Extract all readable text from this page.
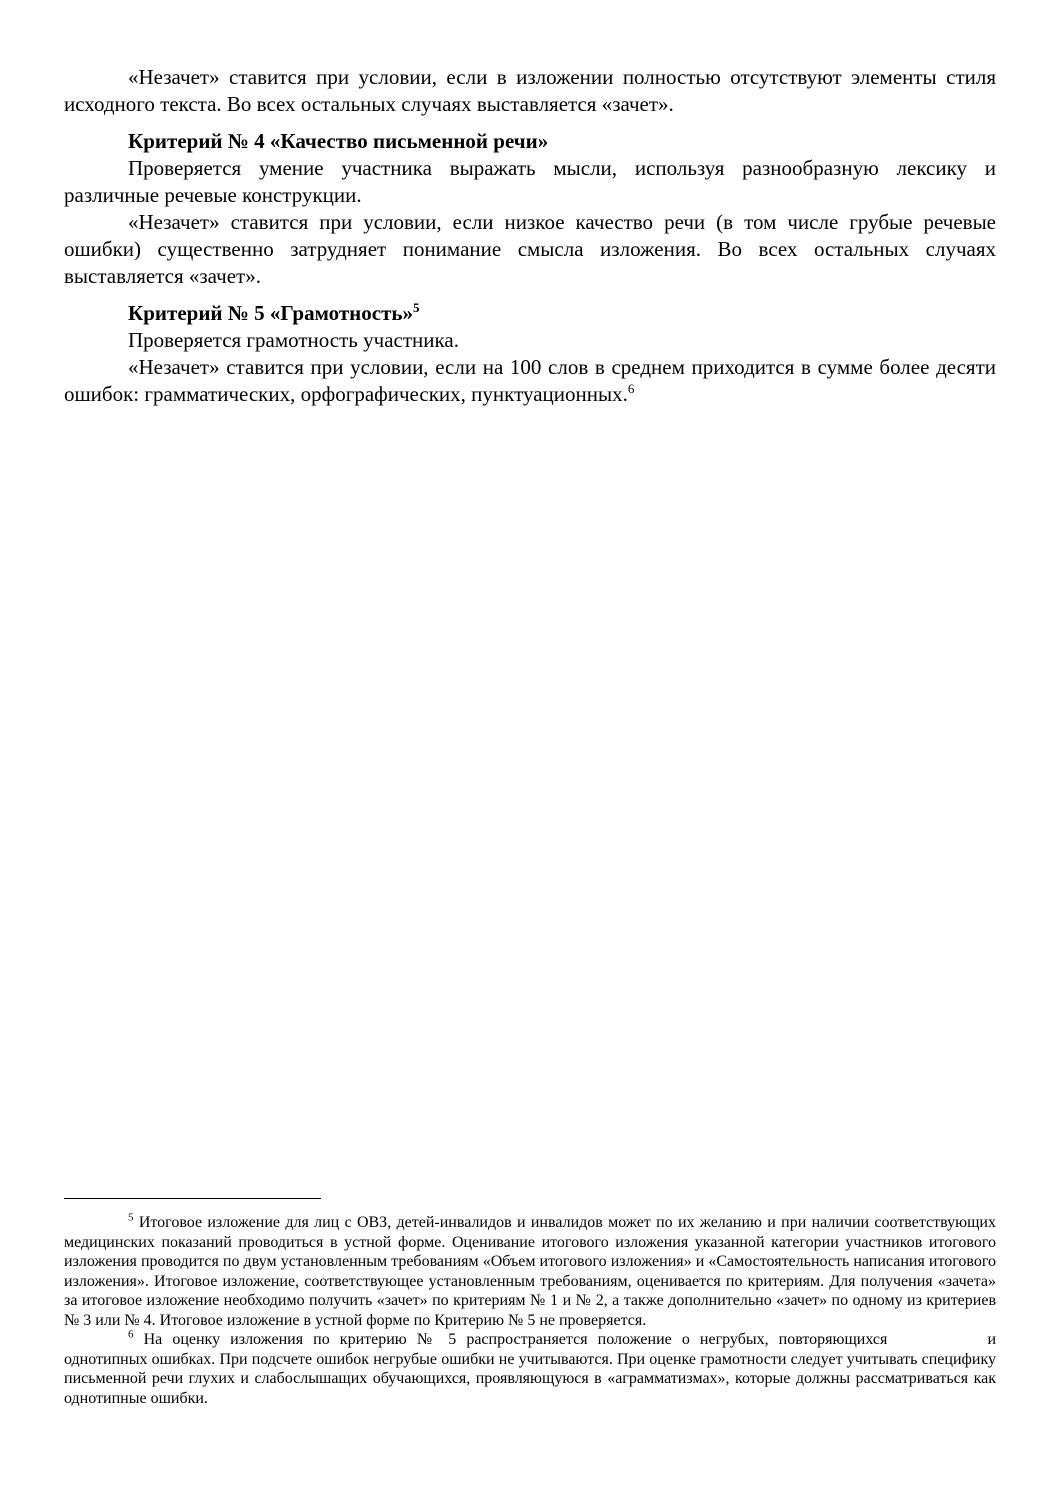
«Незачет» ставится при условии, если в изложении полностью отсутствуют элементы стиля исходного текста. Во всех остальных случаях выставляется «зачет».

Критерий № 4 «Качество письменной речи»

Проверяется умение участника выражать мысли, используя разнообразную лексику и различные речевые конструкции.

«Незачет» ставится при условии, если низкое качество речи (в том числе грубые речевые ошибки) существенно затрудняет понимание смысла изложения. Во всех остальных случаях выставляется «зачет».

Критерий № 5 «Грамотность»$^5$

Проверяется грамотность участника.

«Незачет» ставится при условии, если на 100 слов в среднем приходится в сумме более десяти ошибок: грамматических, орфографических, пунктуационных.$^6$

$^5$ Итоговое изложение для лиц с ОВЗ, детей-инвалидов и инвалидов может по их желанию и при наличии соответствующих медицинских показаний проводиться в устной форме. Оценивание итогового изложения указанной категории участников итогового изложения проводится по двум установленным требованиям «Объем итогового изложения» и «Самостоятельность написания итогового изложения». Итоговое изложение, соответствующее установленным требованиям, оценивается по критериям. Для получения «зачета» за итоговое изложение необходимо получить «зачет» по критериям № 1 и № 2, а также дополнительно «зачет» по одному из критериев № 3 или № 4. Итоговое изложение в устной форме по Критерию № 5 не проверяется.

$^6$ На оценку изложения по критерию № 5 распространяется положение о негрубых, повторяющихся	и однотипных ошибках. При подсчете ошибок негрубые ошибки не учитываются. При оценке грамотности следует учитывать специфику письменной речи глухих и слабослышащих обучающихся, проявляющуюся в «аграмматизмах», которые должны рассматриваться как однотипные ошибки.
